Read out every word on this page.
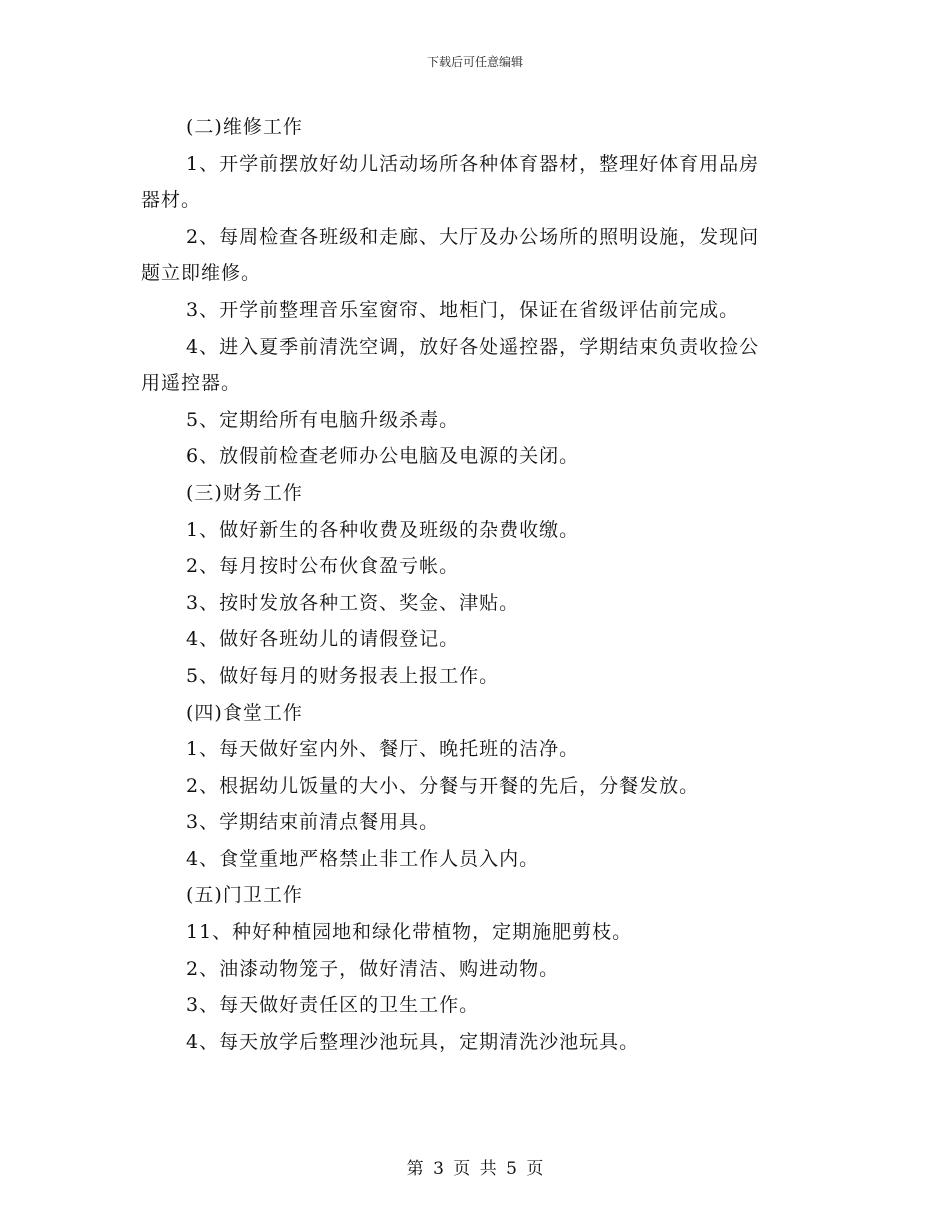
下载后可任意编辑
(二)维修工作
1、开学前摆放好幼儿活动场所各种体育器材，整理好体育用品房
器材。
2、每周检查各班级和走廊、大厅及办公场所的照明设施，发现问
题立即维修。
3、开学前整理音乐室窗帘、地柜门，保证在省级评估前完成。
4、进入夏季前清洗空调，放好各处遥控器，学期结束负责收捡公
用遥控器。
5、定期给所有电脑升级杀毒。
6、放假前检查老师办公电脑及电源的关闭。
(三)财务工作
1、做好新生的各种收费及班级的杂费收缴。
2、每月按时公布伙食盈亏帐。
3、按时发放各种工资、奖金、津贴。
4、做好各班幼儿的请假登记。
5、做好每月的财务报表上报工作。
(四)食堂工作
1、每天做好室内外、餐厅、晚托班的洁净。
2、根据幼儿饭量的大小、分餐与开餐的先后，分餐发放。
3、学期结束前清点餐用具。
4、食堂重地严格禁止非工作人员入内。
(五)门卫工作
11、种好种植园地和绿化带植物，定期施肥剪枝。
2、油漆动物笼子，做好清洁、购进动物。
3、每天做好责任区的卫生工作。
4、每天放学后整理沙池玩具，定期清洗沙池玩具。
第 3 页 共 5 页
